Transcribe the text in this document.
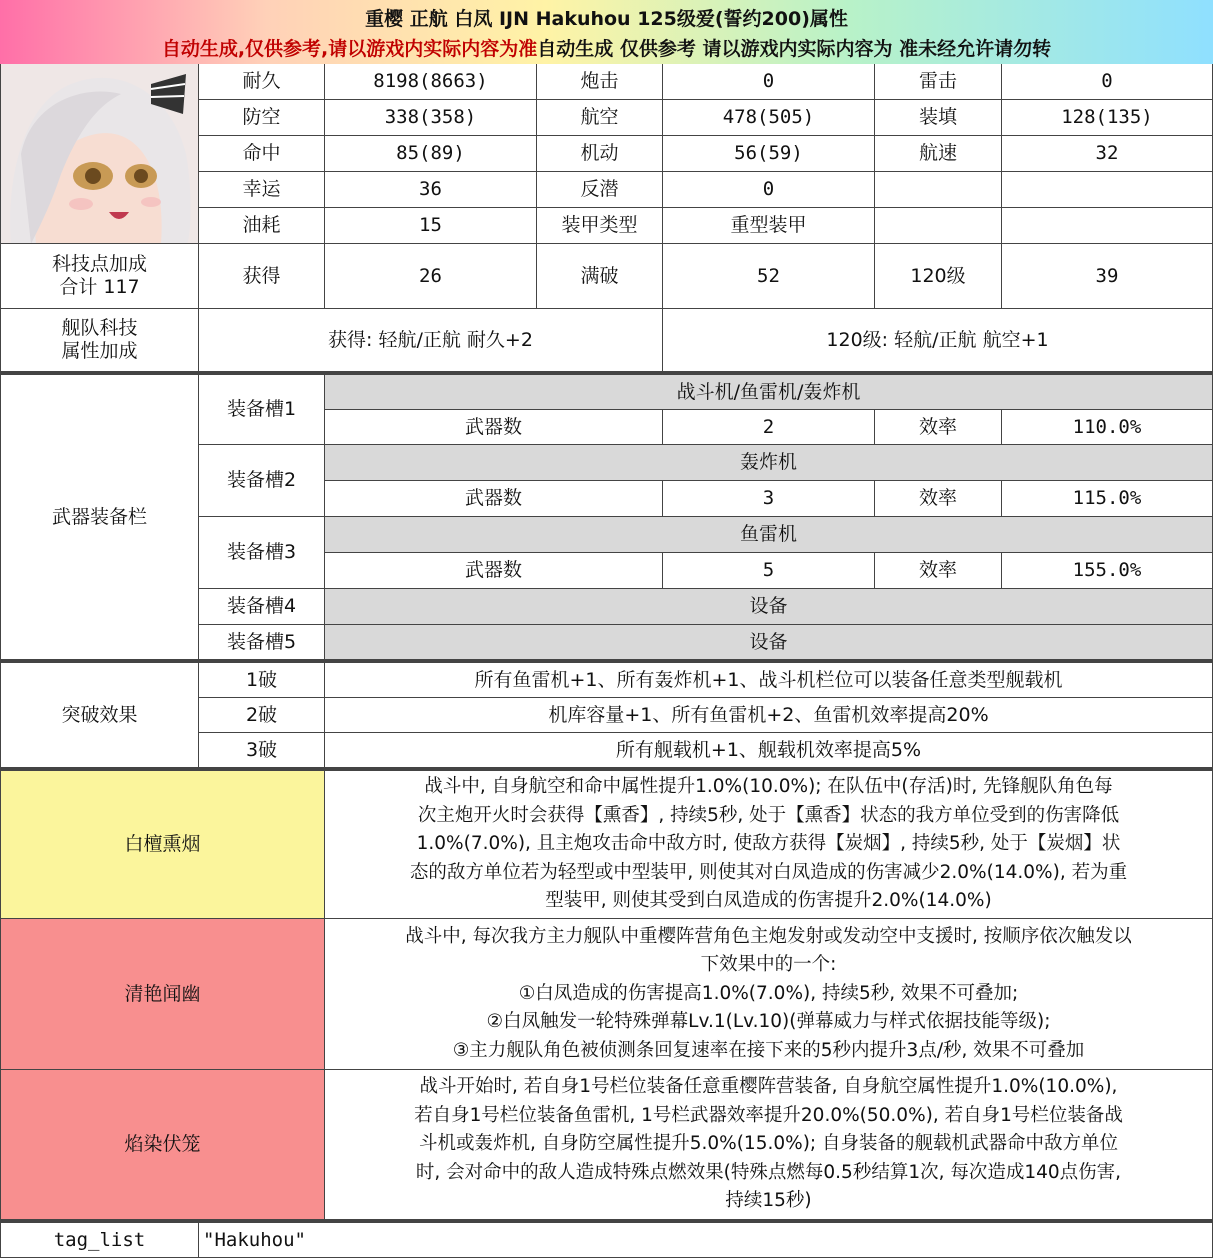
重樱 正航 白凤 IJN Hakuhou 125级爱(誓约200)属性
自动生成,仅供参考,请以游戏内实际内容为准自动生成 仅供参考 请以游戏内实际内容为 准未经允许请勿转
耐久	8198(8663)	炮击	0	雷击	0
防空	338(358)	航空	478(505)	装填	128(135)
命中	85(89)	机动	56(59)	航速	32
幸运	36	反潜	0
油耗	15	装甲类型	重型装甲
科技点加成
合计 117
获得	26	满破	52	120级	39
舰队科技
属性加成
获得: 轻航/正航 耐久+2	120级: 轻航/正航 航空+1
武器装备栏
装备槽1
战斗机/鱼雷机/轰炸机
武器数	2	效率	110.0%
装备槽2
轰炸机
武器数	3	效率	115.0%
装备槽3
鱼雷机
武器数	5	效率	155.0%
装备槽4	设备
装备槽5	设备
突破效果
1破	所有鱼雷机+1、所有轰炸机+1、战斗机栏位可以装备任意类型舰载机
2破	机库容量+1、所有鱼雷机+2、鱼雷机效率提高20%
3破	所有舰载机+1、舰载机效率提高5%
白檀熏烟
战斗中, 自身航空和命中属性提升1.0%(10.0%); 在队伍中(存活)时, 先锋舰队角色每
次主炮开火时会获得【熏香】, 持续5秒, 处于【熏香】状态的我方单位受到的伤害降低
1.0%(7.0%), 且主炮攻击命中敌方时, 使敌方获得【炭烟】, 持续5秒, 处于【炭烟】状
态的敌方单位若为轻型或中型装甲, 则使其对白凤造成的伤害减少2.0%(14.0%), 若为重
型装甲, 则使其受到白凤造成的伤害提升2.0%(14.0%)
清艳闻幽
战斗中, 每次我方主力舰队中重樱阵营角色主炮发射或发动空中支援时, 按顺序依次触发以
下效果中的一个:
①白凤造成的伤害提高1.0%(7.0%), 持续5秒, 效果不可叠加;
②白凤触发一轮特殊弹幕Lv.1(Lv.10)(弹幕威力与样式依据技能等级);
③主力舰队角色被侦测条回复速率在接下来的5秒内提升3点/秒, 效果不可叠加
焰染伏笼
战斗开始时, 若自身1号栏位装备任意重樱阵营装备, 自身航空属性提升1.0%(10.0%),
若自身1号栏位装备鱼雷机, 1号栏武器效率提升20.0%(50.0%), 若自身1号栏位装备战
斗机或轰炸机, 自身防空属性提升5.0%(15.0%); 自身装备的舰载机武器命中敌方单位
时, 会对命中的敌人造成特殊点燃效果(特殊点燃每0.5秒结算1次, 每次造成140点伤害,
持续15秒)
tag_list	"Hakuhou"
